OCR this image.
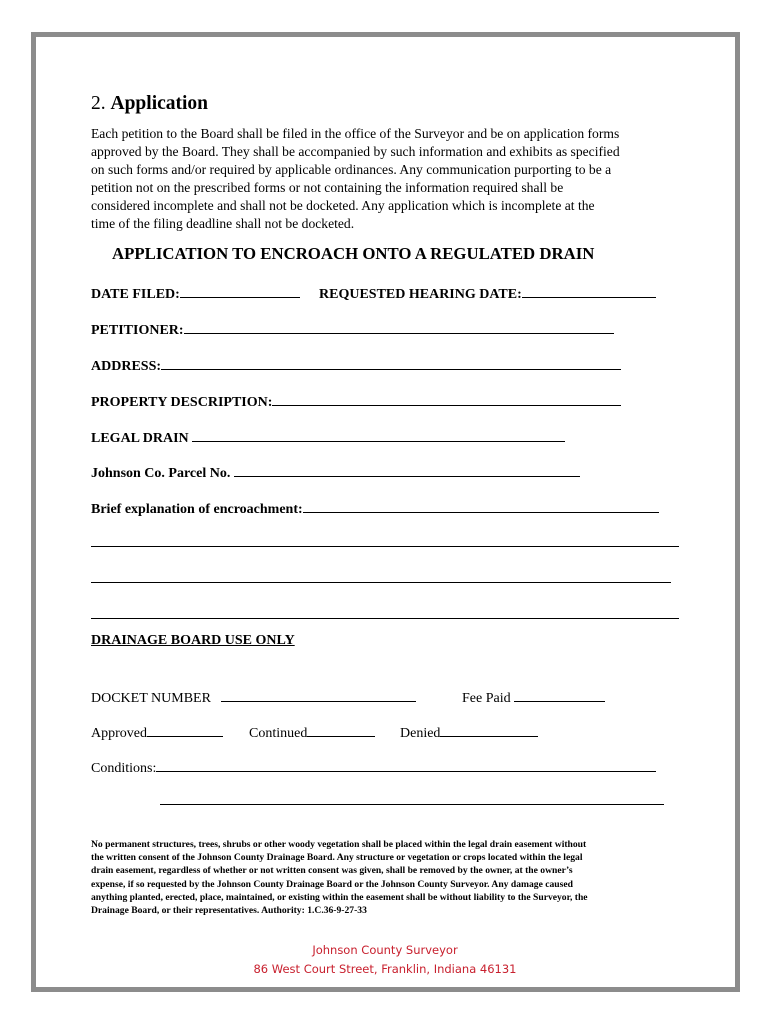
2. Application
Each petition to the Board shall be filed in the office of the Surveyor and be on application forms
approved by the Board. They shall be accompanied by such information and exhibits as specified
on such forms and/or required by applicable ordinances. Any communication purporting to be a
petition not on the prescribed forms or not containing the information required shall be
considered incomplete and shall not be docketed. Any application which is incomplete at the
time of the filing deadline shall not be docketed.
APPLICATION TO ENCROACH ONTO A REGULATED DRAIN
DATE FILED:	REQUESTED HEARING DATE:
PETITIONER:
ADDRESS:
PROPERTY DESCRIPTION:
LEGAL DRAIN
Johnson Co. Parcel No.
Brief explanation of encroachment:
DRAINAGE BOARD USE ONLY
DOCKET NUMBER	Fee Paid
Approved	Continued	Denied
Conditions:
No permanent structures, trees, shrubs or other woody vegetation shall be placed within the legal drain easement without
the written consent of the Johnson County Drainage Board. Any structure or vegetation or crops located within the legal
drain easement, regardless of whether or not written consent was given, shall be removed by the owner, at the owner’s
expense, if so requested by the Johnson County Drainage Board or the Johnson County Surveyor. Any damage caused
anything planted, erected, place, maintained, or existing within the easement shall be without liability to the Surveyor, the
Drainage Board, or their representatives. Authority: 1.C.36-9-27-33
Johnson County Surveyor
86 West Court Street, Franklin, Indiana 46131
